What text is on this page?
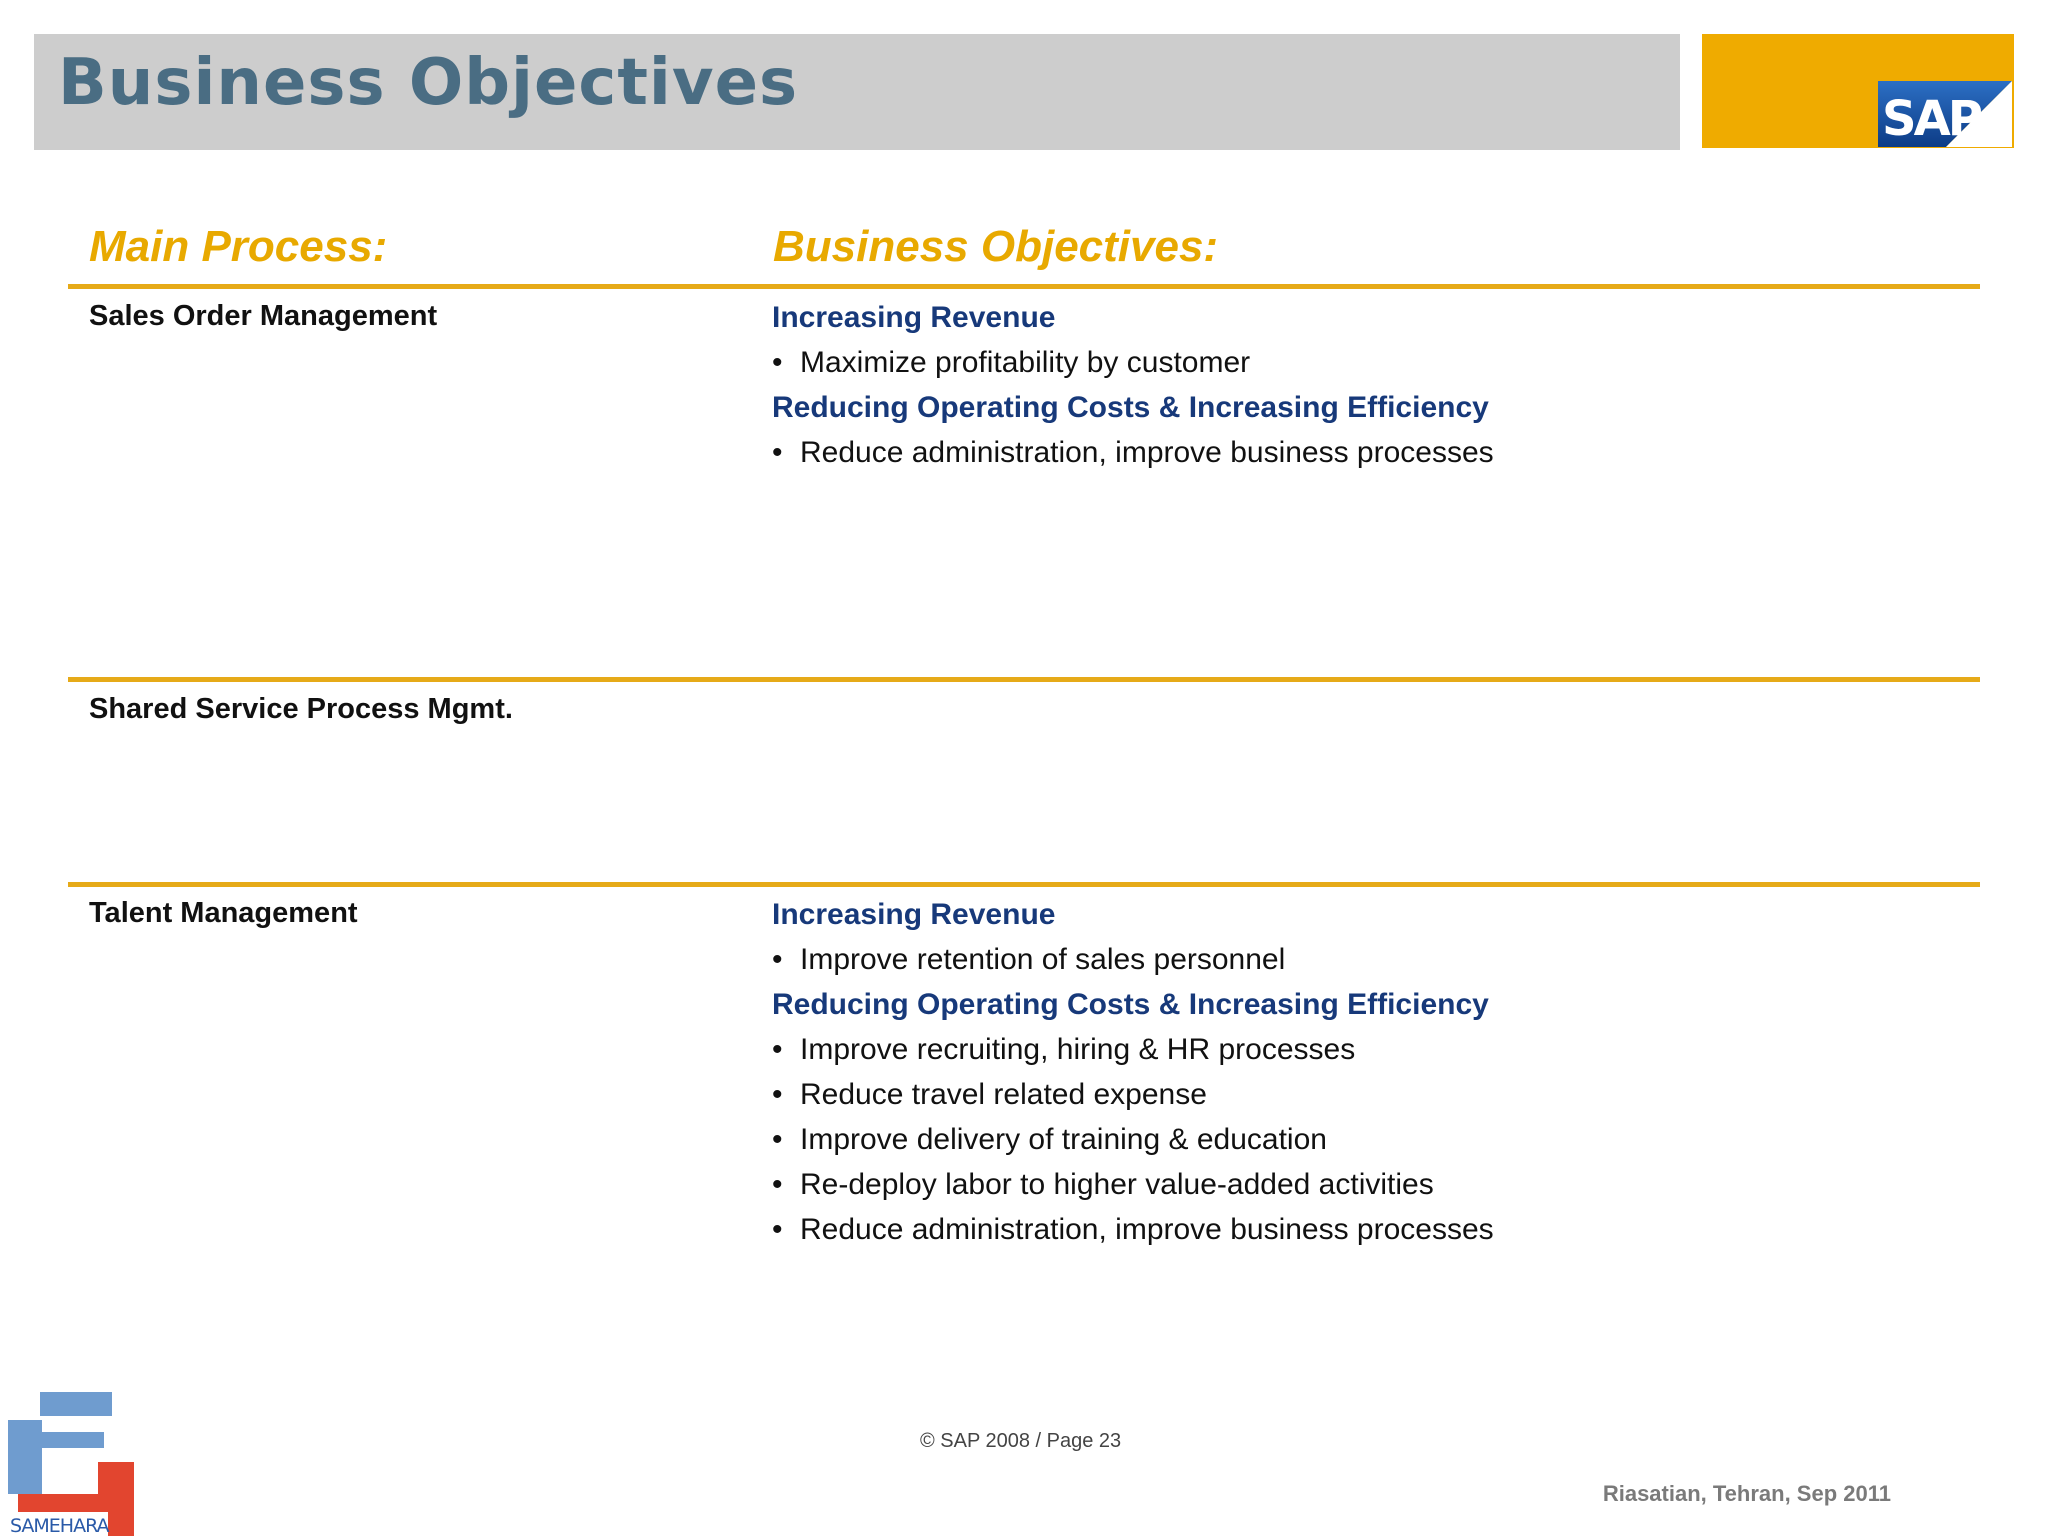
Business Objectives	SAP
Main Process:	Business Objectives:
Sales Order Management	Increasing Revenue
• Maximize profitability by customer
Reducing Operating Costs & Increasing Efficiency
• Reduce administration, improve business processes
Shared Service Process Mgmt.
Talent Management	Increasing Revenue
• Improve retention of sales personnel
Reducing Operating Costs & Increasing Efficiency
• Improve recruiting, hiring & HR processes
• Reduce travel related expense
• Improve delivery of training & education
• Re-deploy labor to higher value-added activities
• Reduce administration, improve business processes
© SAP 2008 / Page 23
Riasatian, Tehran, Sep 2011
SAMEHARA
